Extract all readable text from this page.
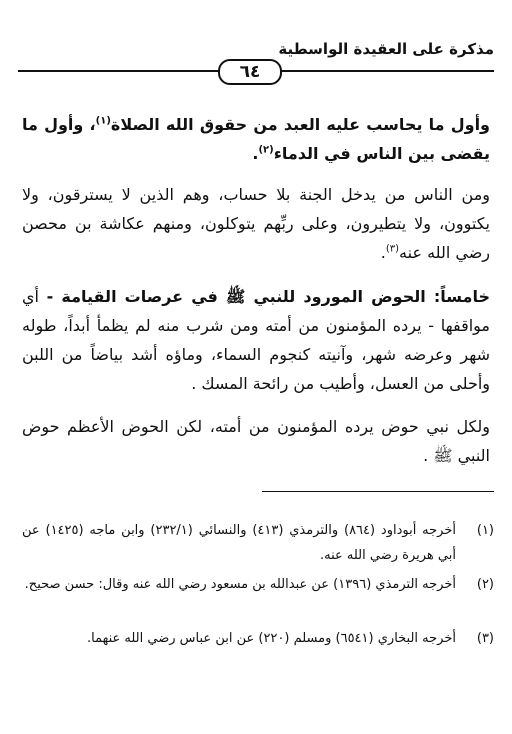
مذكرة على العقيدة الواسطية
٦٤
وأول ما يحاسب عليه العبد من حقوق الله الصلاة$^{(١)}$، وأول ما يقضى بين الناس في الدماء$^{(٢)}$.
ومن الناس من يدخل الجنة بلا حساب، وهم الذين لا يسترقون، ولا يكتوون، ولا يتطيرون، وعلى ربِّهم يتوكلون، ومنهم عكاشة بن محصن رضي الله عنه$^{(٣)}$.
خامساً: الحوض المورود للنبي ﷺ في عرصات القيامة - أي مواقفها - يرده المؤمنون من أمته ومن شرب منه لم يظمأ أبداً، طوله شهر وعرضه شهر، وآنيته كنجوم السماء، وماؤه أشد بياضاً من اللبن وأحلى من العسل، وأطيب من رائحة المسك .
ولكل نبي حوض يرده المؤمنون من أمته، لكن الحوض الأعظم حوض النبي ﷺ .
(١)
أخرجه أبوداود (٨٦٤) والترمذي (٤١٣) والنسائي (٢٣٢/١) وابن ماجه (١٤٢٥) عن أبي هريرة رضي الله عنه.
(٢)
أخرجه الترمذي (١٣٩٦) عن عبدالله بن مسعود رضي الله عنه وقال: حسن صحيح.
(٣)
أخرجه البخاري (٦٥٤١) ومسلم (٢٢٠) عن ابن عباس رضي الله عنهما.
